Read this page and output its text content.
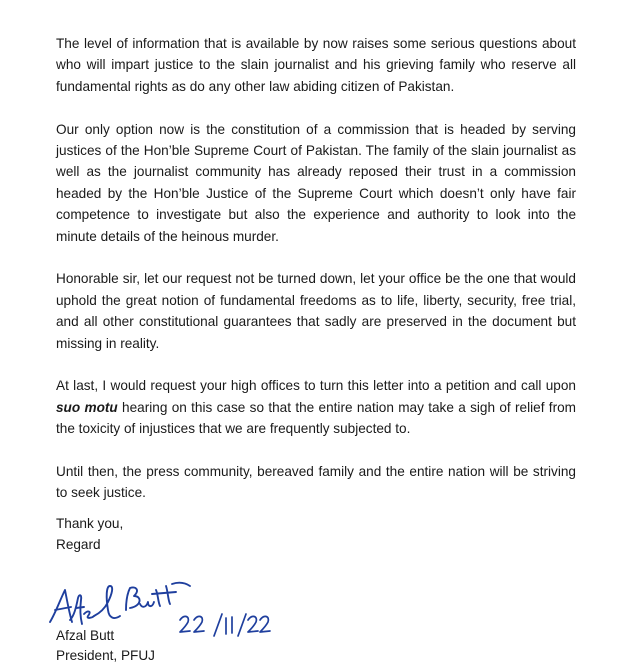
The level of information that is available by now raises some serious questions about who will impart justice to the slain journalist and his grieving family who reserve all fundamental rights as do any other law abiding citizen of Pakistan.

Our only option now is the constitution of a commission that is headed by serving justices of the Hon’ble Supreme Court of Pakistan. The family of the slain journalist as well as the journalist community has already reposed their trust in a commission headed by the Hon’ble Justice of the Supreme Court which doesn’t only have fair competence to investigate but also the experience and authority to look into the minute details of the heinous murder.

Honorable sir, let our request not be turned down, let your office be the one that would uphold the great notion of fundamental freedoms as to life, liberty, security, free trial, and all other constitutional guarantees that sadly are preserved in the document but missing in reality.

At last, I would request your high offices to turn this letter into a petition and call upon suo motu hearing on this case so that the entire nation may take a sigh of relief from the toxicity of injustices that we are frequently subjected to.

Until then, the press community, bereaved family and the entire nation will be striving to seek justice.

Thank you,
Regard
Afzal Butt
President, PFUJ
